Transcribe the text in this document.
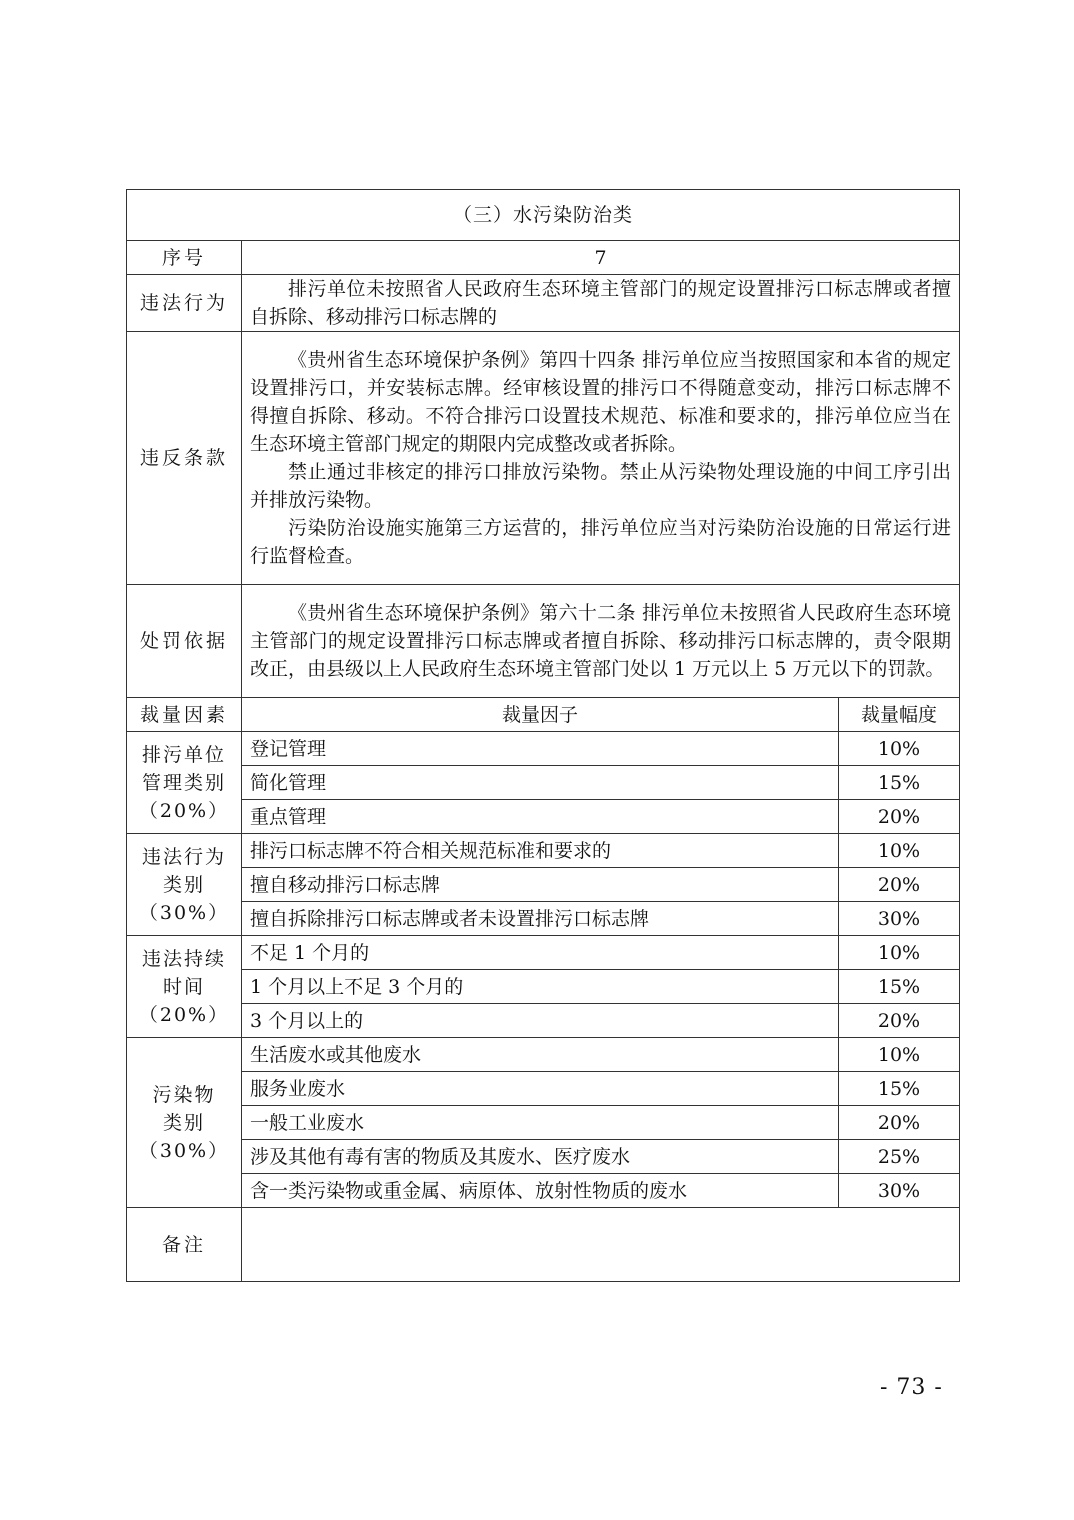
（三）水污染防治类		
序号	7	
违法行为	排污单位未按照省人民政府生态环境主管部门的规定设置排污口标志牌或者擅自拆除、移动排污口标志牌的	

违反条款	《贵州省生态环境保护条例》第四十四条 排污单位应当按照国家和本省的规定设置排污口，并安装标志牌。经审核设置的排污口不得随意变动，排污口标志牌不得擅自拆除、移动。不符合排污口设置技术规范、标准和要求的，排污单位应当在生态环境主管部门规定的期限内完成整改或者拆除。

禁止通过非核定的排污口排放污染物。禁止从污染物处理设施的中间工序引出并排放污染物。

污染防治设施实施第三方运营的，排污单位应当对污染防治设施的日常运行进行监督检查。	

处罚依据	《贵州省生态环境保护条例》第六十二条 排污单位未按照省人民政府生态环境主管部门的规定设置排污口标志牌或者擅自拆除、移动排污口标志牌的，责令限期改正，由县级以上人民政府生态环境主管部门处以 1 万元以上 5 万元以下的罚款。	

裁量因素	裁量因子	裁量幅度

排污单位
管理类别
（20%）	登记管理	10%
	简化管理	15%
	重点管理	20%

违法行为
类别
（30%）	排污口标志牌不符合相关规范标准和要求的	10%
	擅自移动排污口标志牌	20%
	擅自拆除排污口标志牌或者未设置排污口标志牌	30%

违法持续
时间
（20%）	不足 1 个月的	10%
	1 个月以上不足 3 个月的	15%
	3 个月以上的	20%

污染物
类别
（30%）	生活废水或其他废水	10%
	服务业废水	15%
	一般工业废水	20%
	涉及其他有毒有害的物质及其废水、医疗废水	25%
	含一类污染物或重金属、病原体、放射性物质的废水	30%
备注		
- 73 -
